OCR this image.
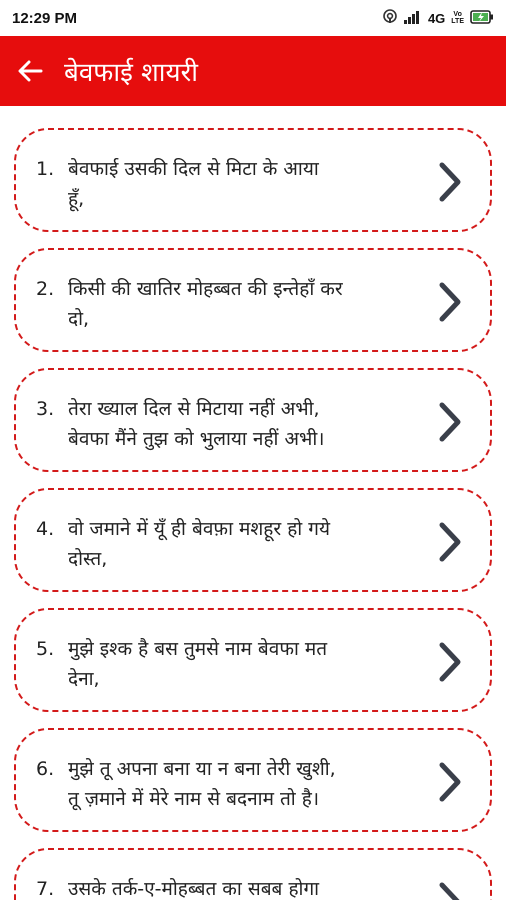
12:29 PM	4G	Vo
LTE
बेवफाई शायरी
1. बेवफाई उसकी दिल से मिटा के आया
हूँ,
2. किसी की खातिर मोहब्बत की इन्तेहाँ कर
दो,
3. तेरा ख्याल दिल से मिटाया नहीं अभी,
बेवफा मैंने तुझ को भुलाया नहीं अभी।
4. वो जमाने में यूँ ही बेवफ़ा मशहूर हो गये
दोस्त,
5. मुझे इश्क है बस तुमसे नाम बेवफा मत
देना,
6. मुझे तू अपना बना या न बना तेरी खुशी,
तू ज़माने में मेरे नाम से बदनाम तो है।
7. उसके तर्क-ए-मोहब्बत का सबब होगा
